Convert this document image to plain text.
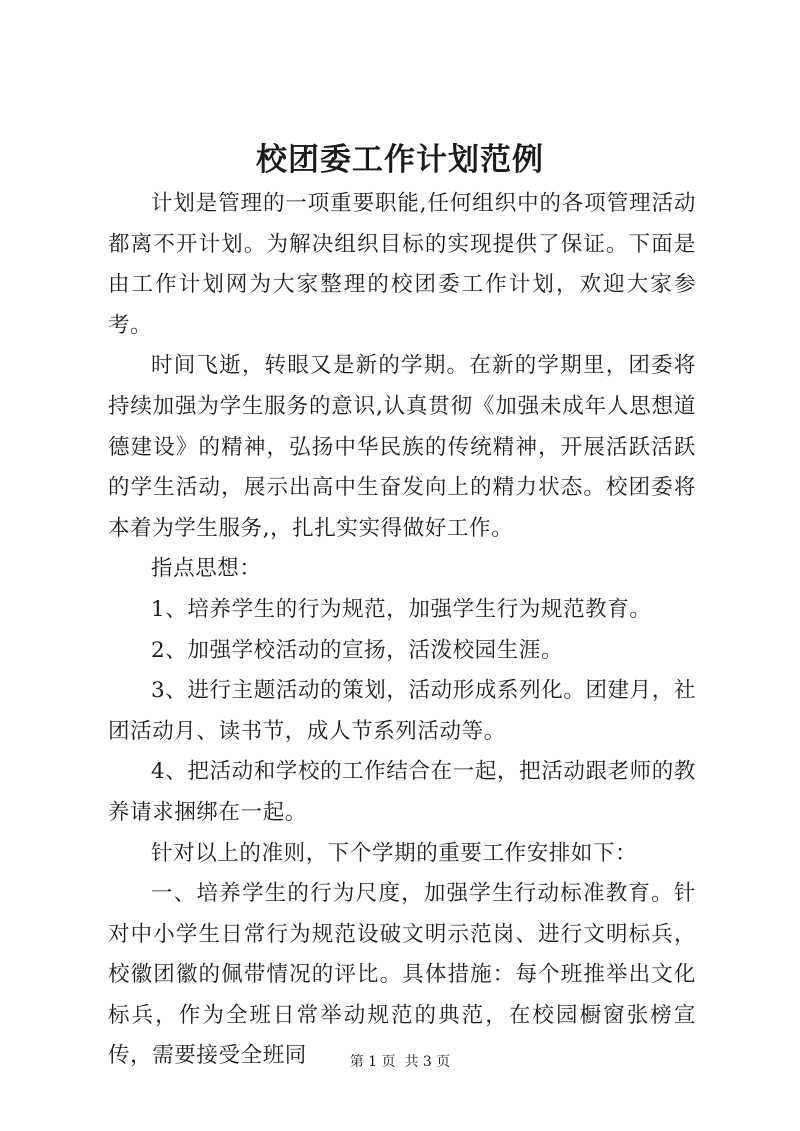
校团委工作计划范例

计划是管理的一项重要职能,任何组织中的各项管理活动都离不开计划。为解决组织目标的实现提供了保证。下面是由工作计划网为大家整理的校团委工作计划，欢迎大家参考。

时间飞逝，转眼又是新的学期。在新的学期里，团委将持续加强为学生服务的意识,认真贯彻《加强未成年人思想道德建设》的精神，弘扬中华民族的传统精神，开展活跃活跃的学生活动，展示出高中生奋发向上的精力状态。校团委将本着为学生服务,，扎扎实实得做好工作。

指点思想：

1、培养学生的行为规范，加强学生行为规范教育。

2、加强学校活动的宣扬，活泼校园生涯。

3、进行主题活动的策划，活动形成系列化。团建月，社团活动月、读书节，成人节系列活动等。

4、把活动和学校的工作结合在一起，把活动跟老师的教养请求捆绑在一起。

针对以上的准则，下个学期的重要工作安排如下：

一、培养学生的行为尺度，加强学生行动标准教育。针对中小学生日常行为规范设破文明示范岗、进行文明标兵，校徽团徽的佩带情况的评比。具体措施：每个班推举出文化标兵，作为全班日常举动规范的典范，在校园橱窗张榜宣传，需要接受全班同	第 1 页 共 3 页
